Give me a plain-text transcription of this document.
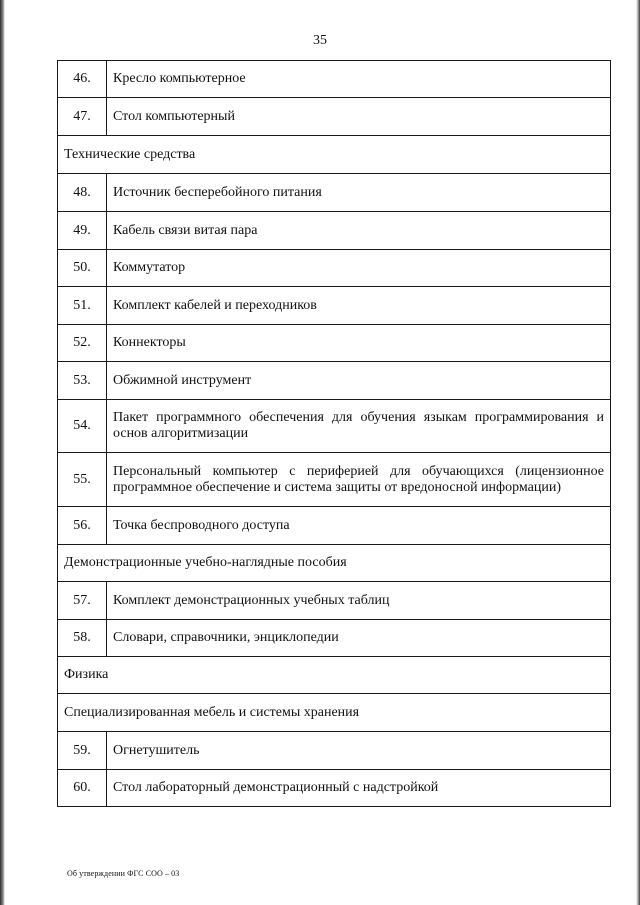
35
46.	Кресло компьютерное
47.	Стол компьютерный
Технические средства	
48.	Источник бесперебойного питания
49.	Кабель связи витая пара
50.	Коммутатор
51.	Комплект кабелей и переходников
52.	Коннекторы
53.	Обжимной инструмент
54.	Пакет программного обеспечения для обучения языкам программирования и основ алгоритмизации
55.	Персональный компьютер с периферией для обучающихся (лицензионное программное обеспечение и система защиты от вредоносной информации)
56.	Точка беспроводного доступа
Демонстрационные учебно-наглядные пособия	
57.	Комплект демонстрационных учебных таблиц
58.	Словари, справочники, энциклопедии
Физика	
Специализированная мебель и системы хранения	
59.	Огнетушитель
60.	Стол лабораторный демонстрационный с надстройкой
Об утверждении ФГС СОО – 03
